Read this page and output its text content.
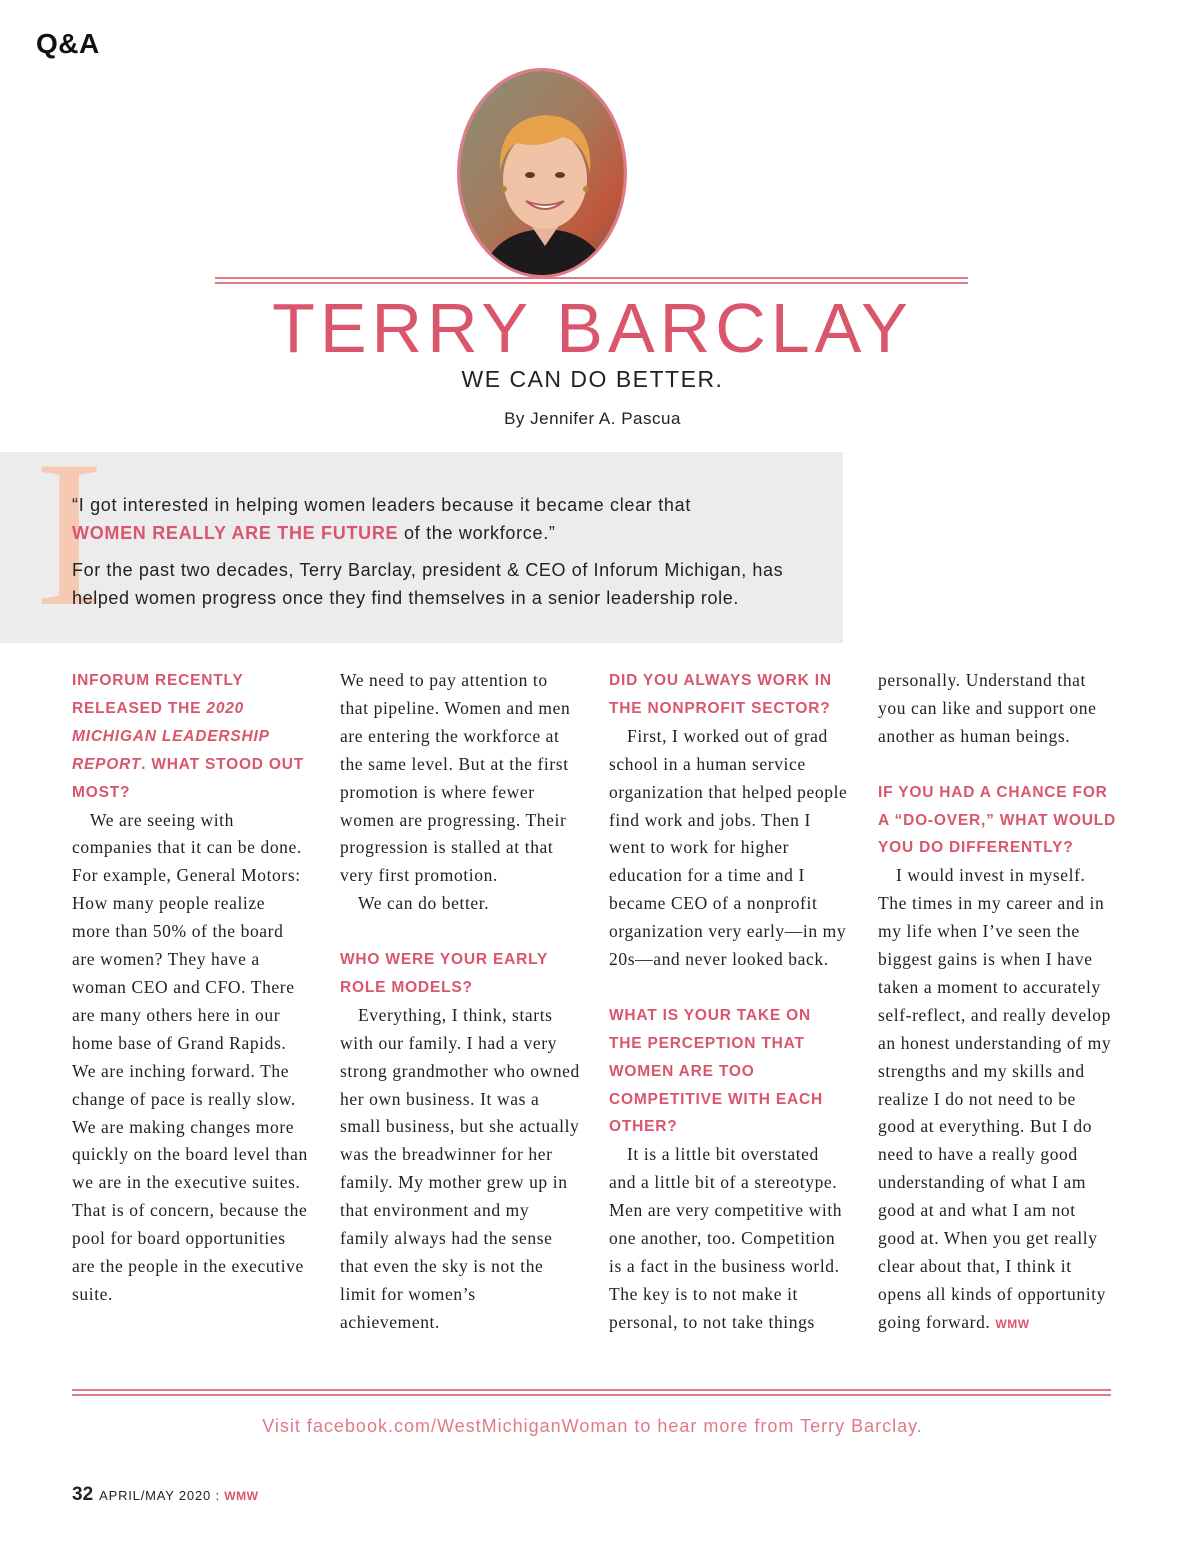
Q&A
TERRY BARCLAY
WE CAN DO BETTER.
By Jennifer A. Pascua
I
“I got interested in helping women leaders because it became clear that
WOMEN REALLY ARE THE FUTURE of the workforce.”
For the past two decades, Terry Barclay, president & CEO of Inforum Michigan, has helped women progress once they find themselves in a senior leadership role.

INFORUM RECENTLY RELEASED THE 2020 MICHIGAN LEADERSHIP REPORT. WHAT STOOD OUT MOST?

We are seeing with companies that it can be done. For example, General Motors: How many people realize more than 50% of the board are women? They have a woman CEO and CFO. There are many others here in our home base of Grand Rapids. We are inching forward. The change of pace is really slow. We are making changes more quickly on the board level than we are in the executive suites. That is of concern, because the pool for board opportunities are the people in the executive suite.

We need to pay attention to that pipeline. Women and men are entering the workforce at the same level. But at the first promotion is where fewer women are progressing. Their progression is stalled at that very first promotion.

We can do better.

WHO WERE YOUR EARLY ROLE MODELS?

Everything, I think, starts with our family. I had a very strong grandmother who owned her own business. It was a small business, but she actually was the breadwinner for her family. My mother grew up in that environment and my family always had the sense that even the sky is not the limit for women’s achievement.

DID YOU ALWAYS WORK IN THE NONPROFIT SECTOR?

First, I worked out of grad school in a human service organization that helped people find work and jobs. Then I went to work for higher education for a time and I became CEO of a nonprofit organization very early—in my 20s—and never looked back.

WHAT IS YOUR TAKE ON THE PERCEPTION THAT WOMEN ARE TOO COMPETITIVE WITH EACH OTHER?

It is a little bit overstated and a little bit of a stereotype. Men are very competitive with one another, too. Competition is a fact in the business world. The key is to not make it personal, to not take things

personally. Understand that you can like and support one another as human beings.

IF YOU HAD A CHANCE FOR A “DO-OVER,” WHAT WOULD YOU DO DIFFERENTLY?

I would invest in myself. The times in my career and in my life when I’ve seen the biggest gains is when I have taken a moment to accurately self-reflect, and really develop an honest understanding of my strengths and my skills and realize I do not need to be good at everything. But I do need to have a really good understanding of what I am good at and what I am not good at. When you get really clear about that, I think it opens all kinds of opportunity going forward. WMW

Visit facebook.com/WestMichiganWoman to hear more from Terry Barclay.
32 APRIL/MAY 2020 : WMW
